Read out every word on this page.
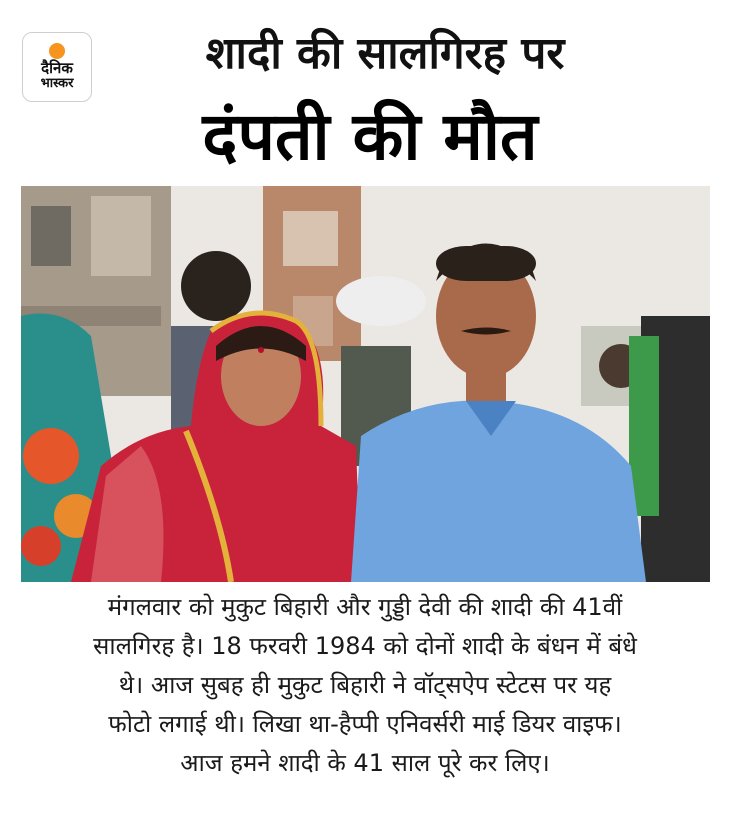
दैनिक
भास्कर
शादी की सालगिरह पर
दंपती की मौत
मंगलवार को मुकुट बिहारी और गुड्डी देवी की शादी की 41वीं
सालगिरह है। 18 फरवरी 1984 को दोनों शादी के बंधन में बंधे
थे। आज सुबह ही मुकुट बिहारी ने वॉट्सऐप स्टेटस पर यह
फोटो लगाई थी। लिखा था-हैप्पी एनिवर्सरी माई डियर वाइफ।
आज हमने शादी के 41 साल पूरे कर लिए।
